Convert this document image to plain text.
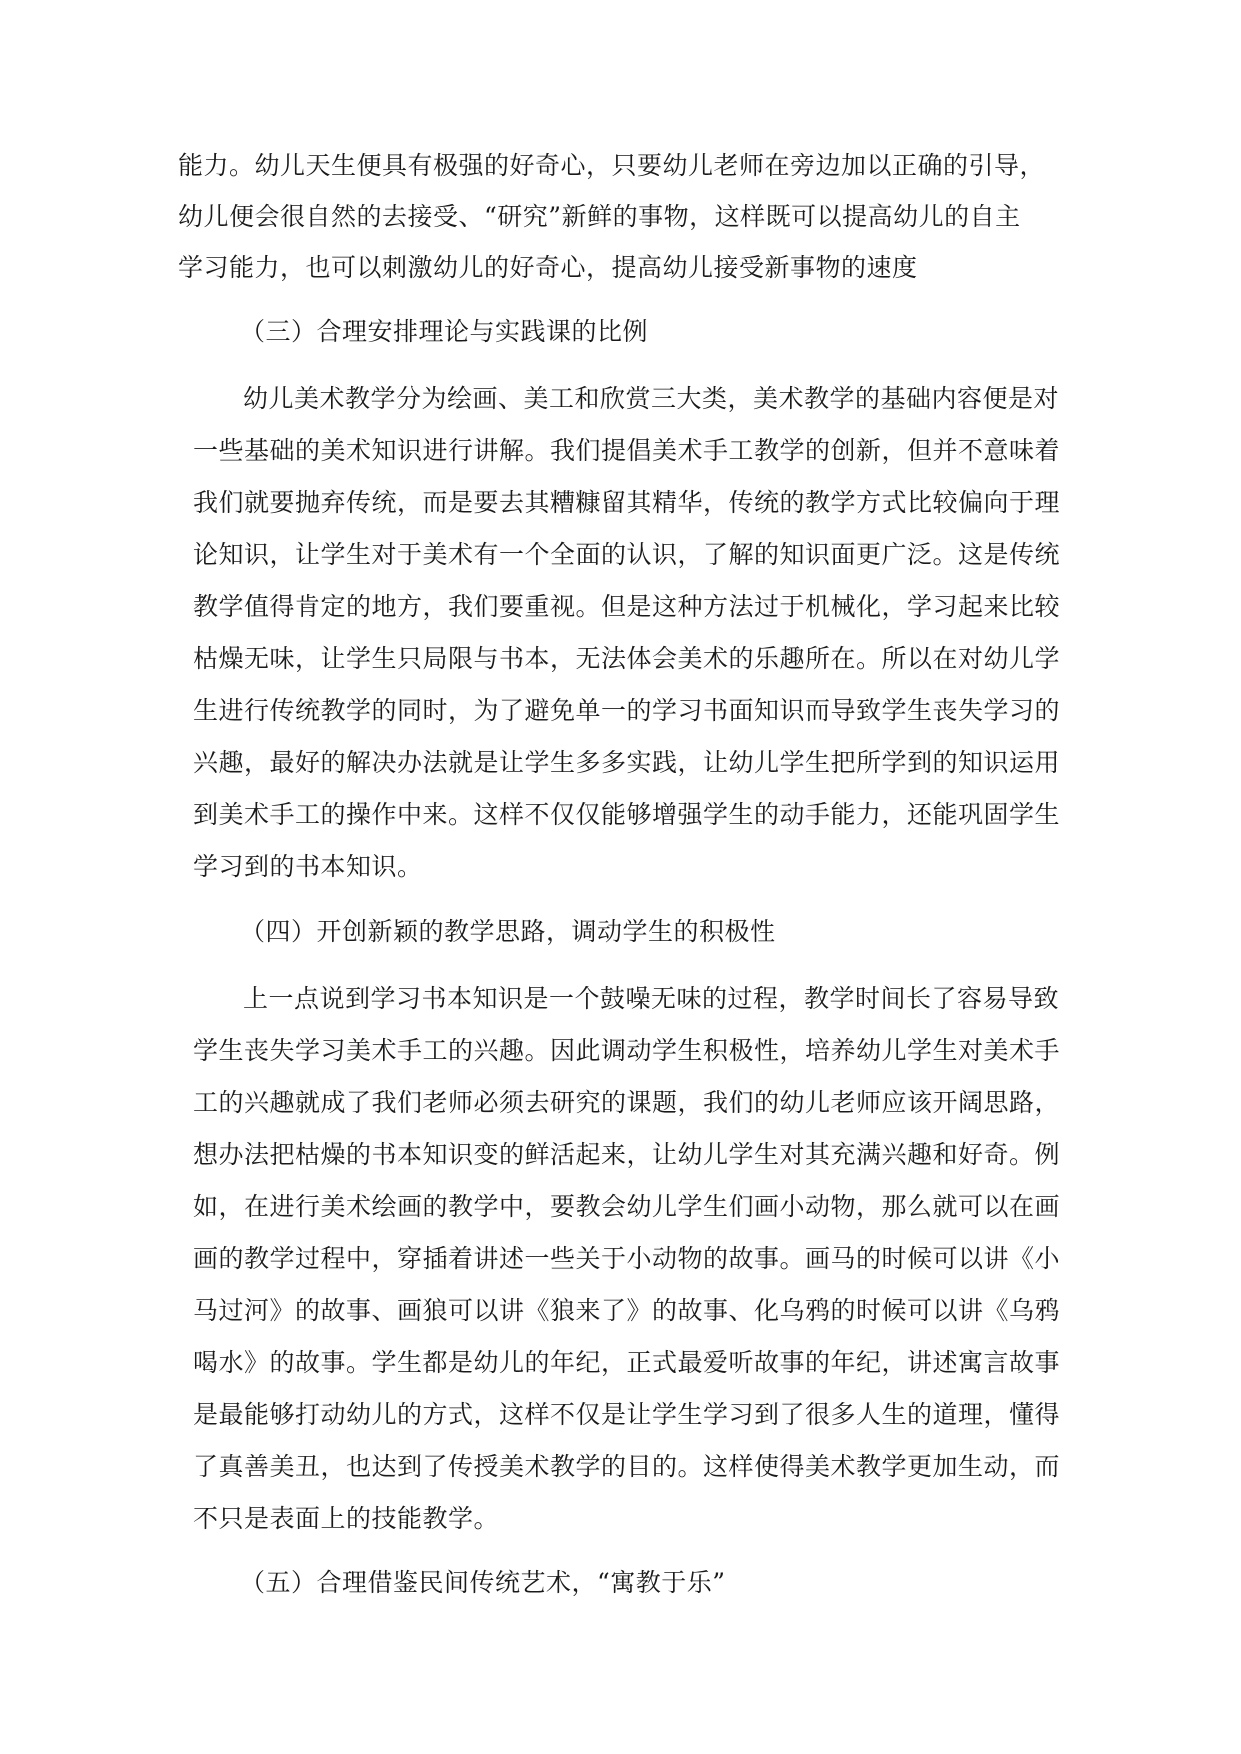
能力。幼儿天生便具有极强的好奇心，只要幼儿老师在旁边加以正确的引导，
幼儿便会很自然的去接受、“研究”新鲜的事物，这样既可以提高幼儿的自主
学习能力，也可以刺激幼儿的好奇心，提高幼儿接受新事物的速度
（三）合理安排理论与实践课的比例
幼儿美术教学分为绘画、美工和欣赏三大类，美术教学的基础内容便是对
一些基础的美术知识进行讲解。我们提倡美术手工教学的创新，但并不意味着
我们就要抛弃传统，而是要去其糟糠留其精华，传统的教学方式比较偏向于理
论知识，让学生对于美术有一个全面的认识，了解的知识面更广泛。这是传统
教学值得肯定的地方，我们要重视。但是这种方法过于机械化，学习起来比较
枯燥无味，让学生只局限与书本，无法体会美术的乐趣所在。所以在对幼儿学
生进行传统教学的同时，为了避免单一的学习书面知识而导致学生丧失学习的
兴趣，最好的解决办法就是让学生多多实践，让幼儿学生把所学到的知识运用
到美术手工的操作中来。这样不仅仅能够增强学生的动手能力，还能巩固学生
学习到的书本知识。
（四）开创新颖的教学思路，调动学生的积极性
上一点说到学习书本知识是一个鼓噪无味的过程，教学时间长了容易导致
学生丧失学习美术手工的兴趣。因此调动学生积极性，培养幼儿学生对美术手
工的兴趣就成了我们老师必须去研究的课题，我们的幼儿老师应该开阔思路，
想办法把枯燥的书本知识变的鲜活起来，让幼儿学生对其充满兴趣和好奇。例
如，在进行美术绘画的教学中，要教会幼儿学生们画小动物，那么就可以在画
画的教学过程中，穿插着讲述一些关于小动物的故事。画马的时候可以讲《小
马过河》的故事、画狼可以讲《狼来了》的故事、化乌鸦的时候可以讲《乌鸦
喝水》的故事。学生都是幼儿的年纪，正式最爱听故事的年纪，讲述寓言故事
是最能够打动幼儿的方式，这样不仅是让学生学习到了很多人生的道理，懂得
了真善美丑，也达到了传授美术教学的目的。这样使得美术教学更加生动，而
不只是表面上的技能教学。
（五）合理借鉴民间传统艺术，“寓教于乐”
